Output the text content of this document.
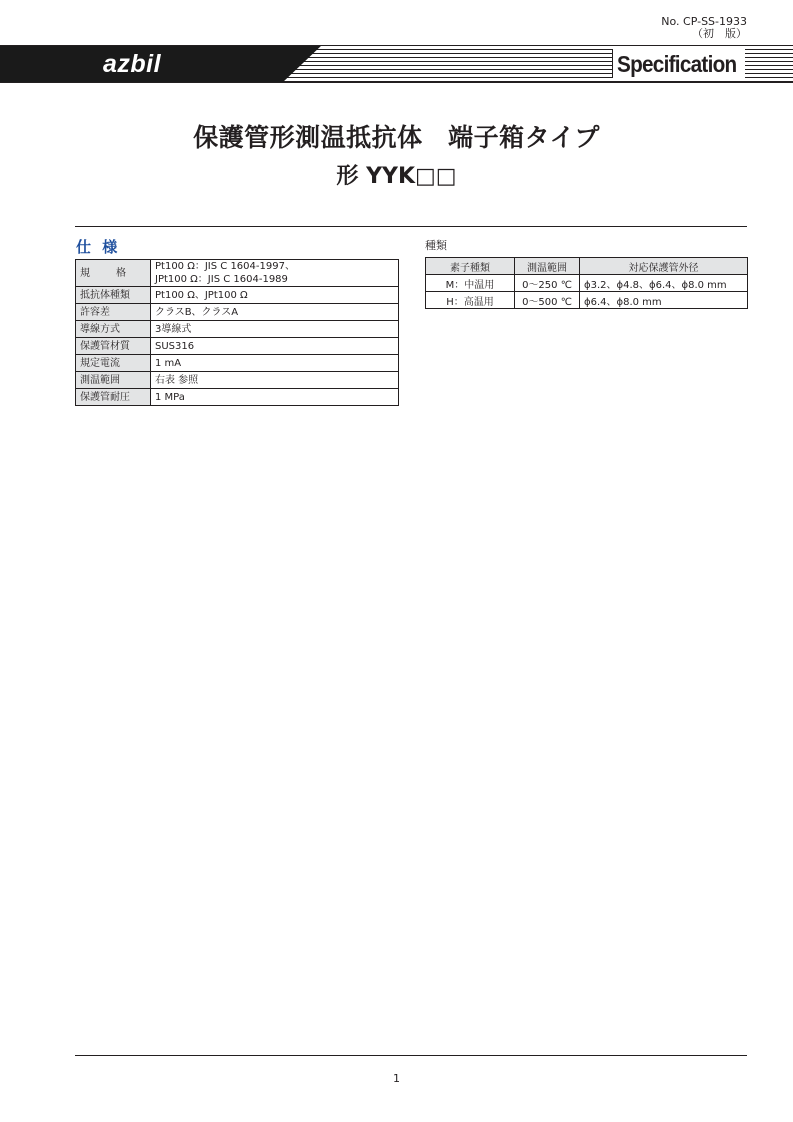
No. CP-SS-1933
（初　版）
azbil	Specification
保護管形測温抵抗体　端子箱タイプ
形 YYK□□
仕 様	種類
規　格	Pt100 Ω：JIS C 1604-1997、
JPt100 Ω：JIS C 1604-1989

抵抗体種類	Pt100 Ω、JPt100 Ω
許容差	クラスB、クラスA
導線方式	3導線式
保護管材質	SUS316
規定電流	1 mA
測温範囲	右表 参照
保護管耐圧	1 MPa
素子種類	測温範囲	対応保護管外径
M：中温用	0～250 ℃	ϕ3.2、ϕ4.8、ϕ6.4、ϕ8.0 mm
H：高温用	0～500 ℃	ϕ6.4、ϕ8.0 mm
1
